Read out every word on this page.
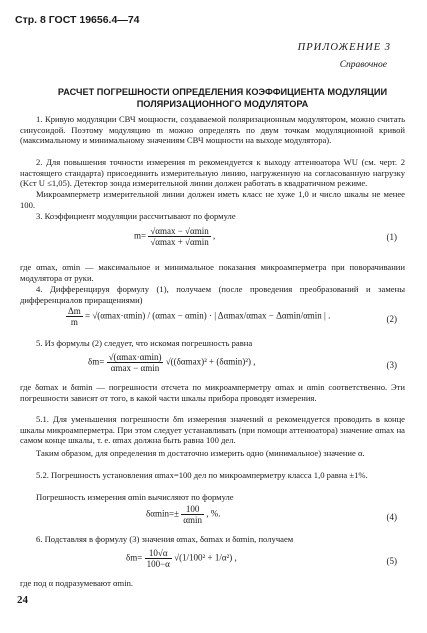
Стр. 8 ГОСТ 19656.4—74
ПРИЛОЖЕНИЕ 3
Справочное
РАСЧЕТ ПОГРЕШНОСТИ ОПРЕДЕЛЕНИЯ КОЭФФИЦИЕНТА МОДУЛЯЦИИ
ПОЛЯРИЗАЦИОННОГО МОДУЛЯТОРА
1. Кривую модуляции СВЧ мощности, создаваемой поляризационным модулятором, можно считать синусоидой. Поэтому модуляцию m можно определять по двум точкам модуляционной кривой (максимальному и минимальному значениям СВЧ мощности на выходе модулятора).
2. Для повышения точности измерения m рекомендуется к выходу аттенюатора WU (см. черт. 2 настоящего стандарта) присоединить измерительную линию, нагруженную на согласованную нагрузку (Kст U ≤1,05). Детектор зонда измерительной линии должен работать в квадратичном режиме.
Микроамперметр измерительной линии должен иметь класс не хуже 1,0 и число шкалы не менее 100.
3. Коэффициент модуляции рассчитывают по формуле
$m= \frac{√\alpha\max - √\alpha\min}{√\alpha\max + √\alpha\min}$ ,	(1)
где αmax, αmin — максимальное и минимальное показания микроамперметра при поворачивании модулятора от руки.
4. Дифференцируя формулу (1), получаем (после проведения преобразований и замены дифференциалов приращениями)
$\frac{\Delta m}{m} = √(\alpha\max\cdot\alpha\min) / (\alpha\max - \alpha\min)$ · | Δαmax/αmax − Δαmin/αmin | .	(2)
5. Из формулы (2) следует, что искомая погрешность равна
$\delta m= \frac{√(\alpha\max\cdot\alpha\min)}{\alpha\max - \alpha\min} √((\delta\alpha\max)^2 + (\delta\alpha\min)^2)$ ,	(3)
где δαmax и δαmin — погрешности отсчета по микроамперметру αmax и αmin соответственно. Эти погрешности зависят от того, в какой части шкалы прибора проводят измерения.
5.1. Для уменьшения погрешности δm измерения значений α рекомендуется проводить в конце шкалы микроамперметра. При этом следует устанавливать (при помощи аттенюатора) значение αmax на самом конце шкалы, т. е. αmax должна быть равна 100 дел.
Таким образом, для определения m достаточно измерить одно (минимальное) значение α.
5.2. Погрешность установления αmax=100 дел по микроамперметру класса 1,0 равна ±1%.
Погрешность измерения αmin вычисляют по формуле
$\delta\alpha\min=\pm \frac{100}{\alpha\min}$ , %.	(4)
6. Подставляя в формулу (3) значения αmax, δαmax и δαmin, получаем
$\delta m= \frac{10√\alpha}{100-\alpha} √(1/100^2 + 1/\alpha^2)$ ,	(5)
где под α подразумевают αmin.
24
